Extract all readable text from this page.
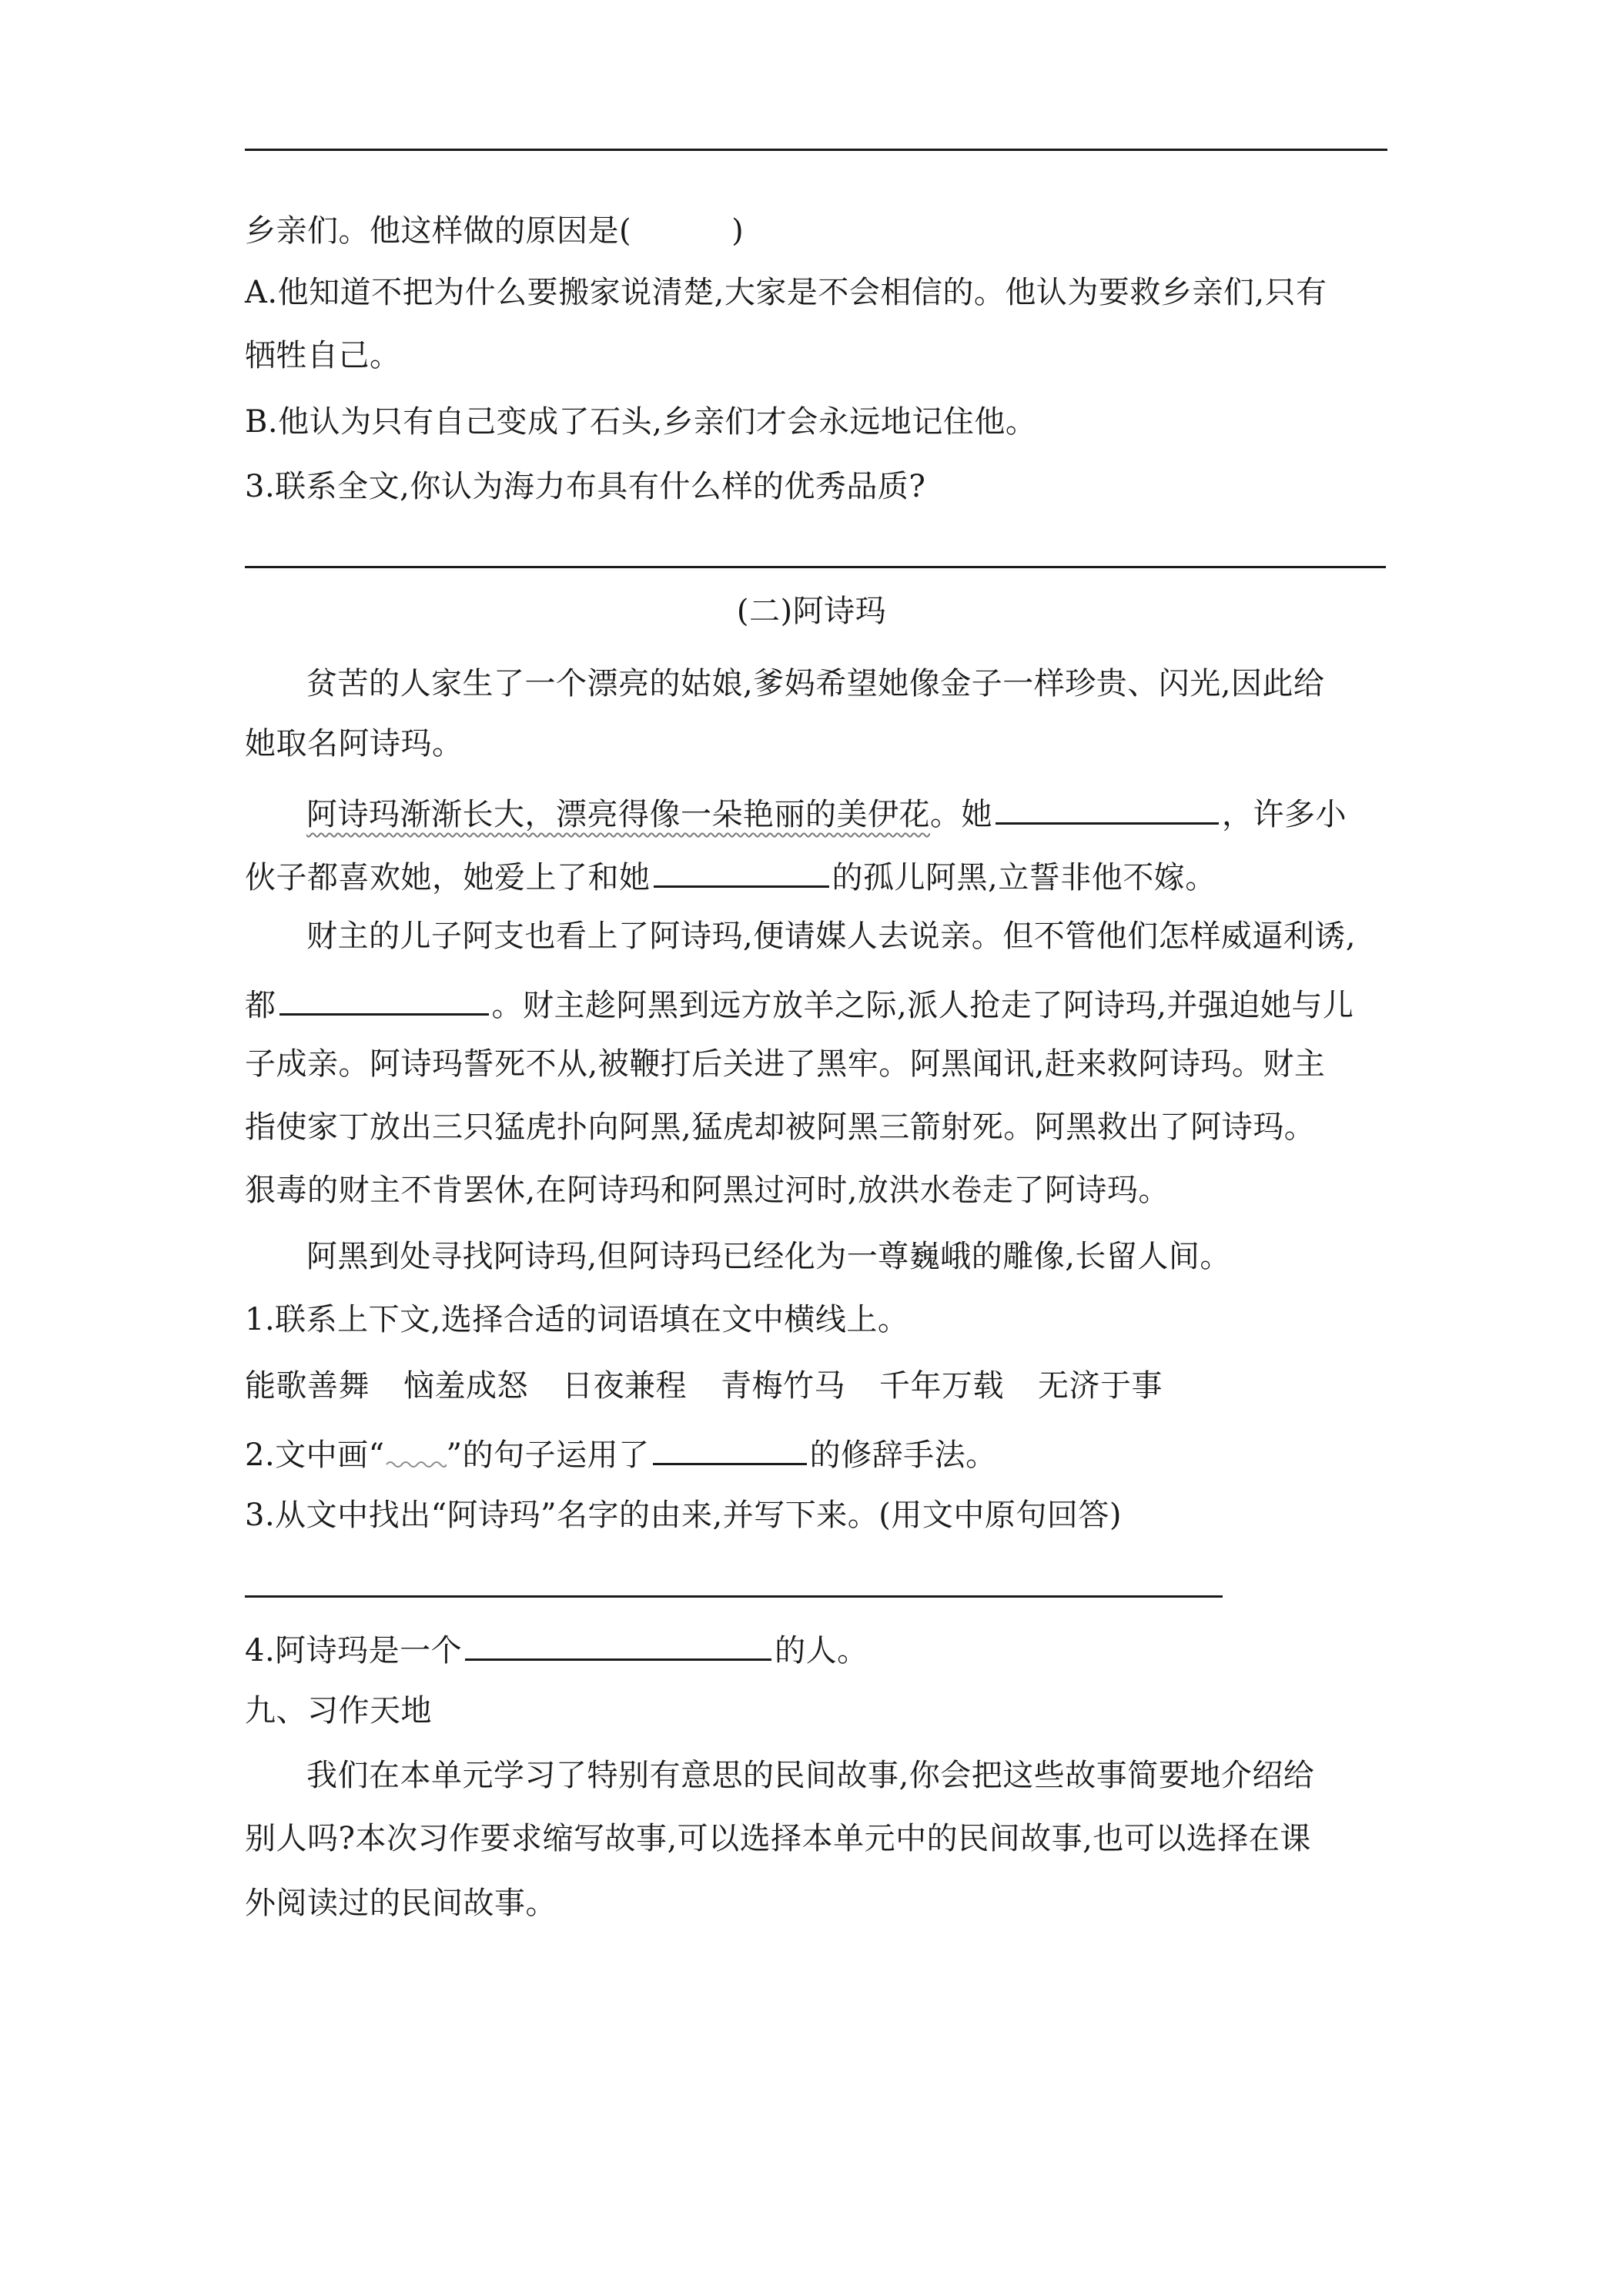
乡亲们。他这样做的原因是(	)
A.他知道不把为什么要搬家说清楚,大家是不会相信的。他认为要救乡亲们,只有
牺牲自己。
B.他认为只有自己变成了石头,乡亲们才会永远地记住他。
3.联系全文,你认为海力布具有什么样的优秀品质?
(二)阿诗玛
贫苦的人家生了一个漂亮的姑娘,爹妈希望她像金子一样珍贵、闪光,因此给
她取名阿诗玛。
阿诗玛渐渐长大，漂亮得像一朵艳丽的美伊花。她	，许多小
伙子都喜欢她，她爱上了和她	的孤儿阿黑,立誓非他不嫁。
财主的儿子阿支也看上了阿诗玛,便请媒人去说亲。但不管他们怎样威逼利诱,
都	。财主趁阿黑到远方放羊之际,派人抢走了阿诗玛,并强迫她与儿
子成亲。阿诗玛誓死不从,被鞭打后关进了黑牢。阿黑闻讯,赶来救阿诗玛。财主
指使家丁放出三只猛虎扑向阿黑,猛虎却被阿黑三箭射死。阿黑救出了阿诗玛。
狠毒的财主不肯罢休,在阿诗玛和阿黑过河时,放洪水卷走了阿诗玛。
阿黑到处寻找阿诗玛,但阿诗玛已经化为一尊巍峨的雕像,长留人间。
1.联系上下文,选择合适的词语填在文中横线上。
能歌善舞 恼羞成怒 日夜兼程 青梅竹马 千年万载 无济于事
2.文中画“ ”的句子运用了	的修辞手法。
3.从文中找出“阿诗玛”名字的由来,并写下来。(用文中原句回答)
4.阿诗玛是一个	的人。
九、习作天地
我们在本单元学习了特别有意思的民间故事,你会把这些故事简要地介绍给
别人吗?本次习作要求缩写故事,可以选择本单元中的民间故事,也可以选择在课
外阅读过的民间故事。
